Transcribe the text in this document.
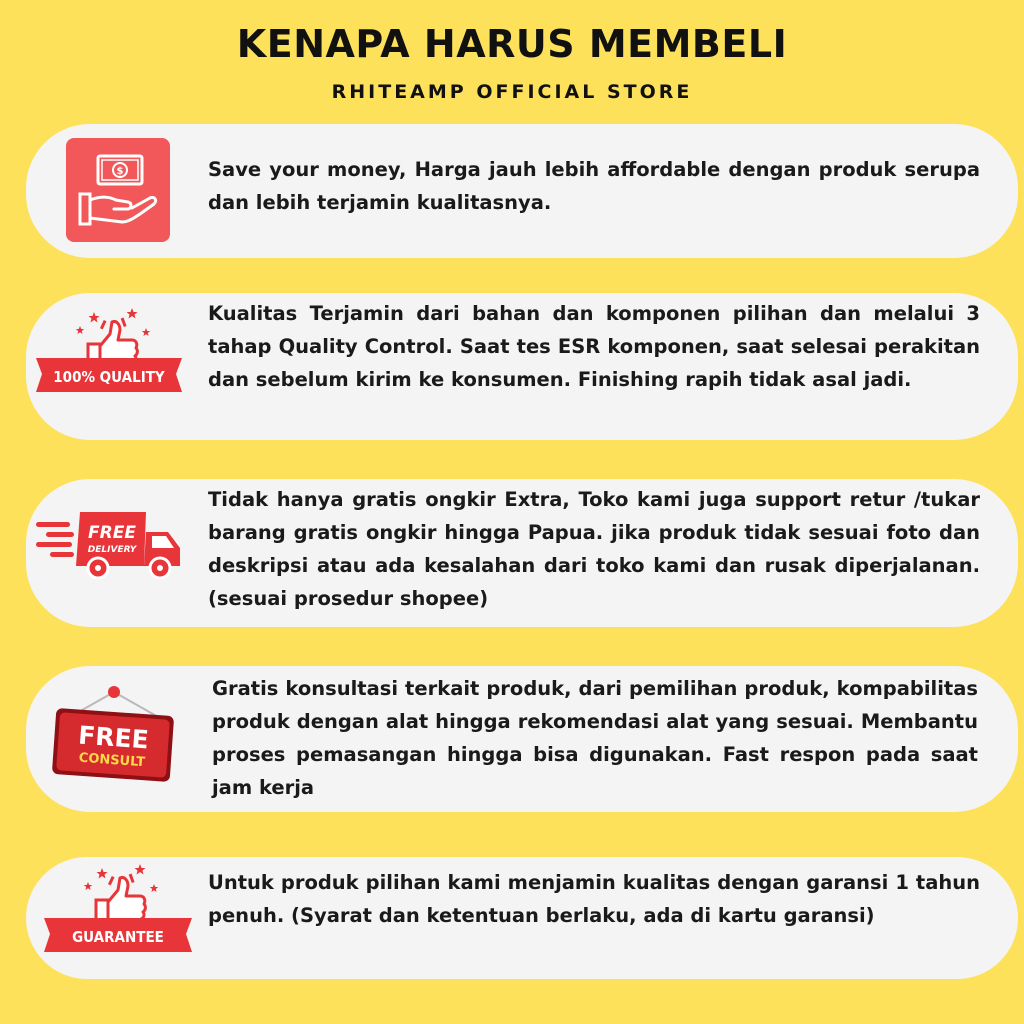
KENAPA HARUS MEMBELI
RHITEAMP OFFICIAL STORE
$	Save your money, Harga jauh lebih affordable dengan produk serupa dan lebih terjamin kualitasnya.
100% QUALITY
Kualitas Terjamin dari bahan dan komponen pilihan dan melalui 3 tahap Quality Control. Saat tes ESR komponen, saat selesai perakitan dan sebelum kirim ke konsumen. Finishing rapih tidak asal jadi.
FREE
DELIVERY
Tidak hanya gratis ongkir Extra, Toko kami juga support retur /tukar barang gratis ongkir hingga Papua. jika produk tidak sesuai foto dan deskripsi atau ada kesalahan dari toko kami dan rusak diperjalanan. (sesuai prosedur shopee)
FREE
CONSULT
Gratis konsultasi terkait produk, dari pemilihan produk, kompabilitas produk dengan alat hingga rekomendasi alat yang sesuai. Membantu proses pemasangan hingga bisa digunakan. Fast respon pada saat jam kerja
GUARANTEE
Untuk produk pilihan kami menjamin kualitas dengan garansi 1 tahun penuh. (Syarat dan ketentuan berlaku, ada di kartu garansi)
